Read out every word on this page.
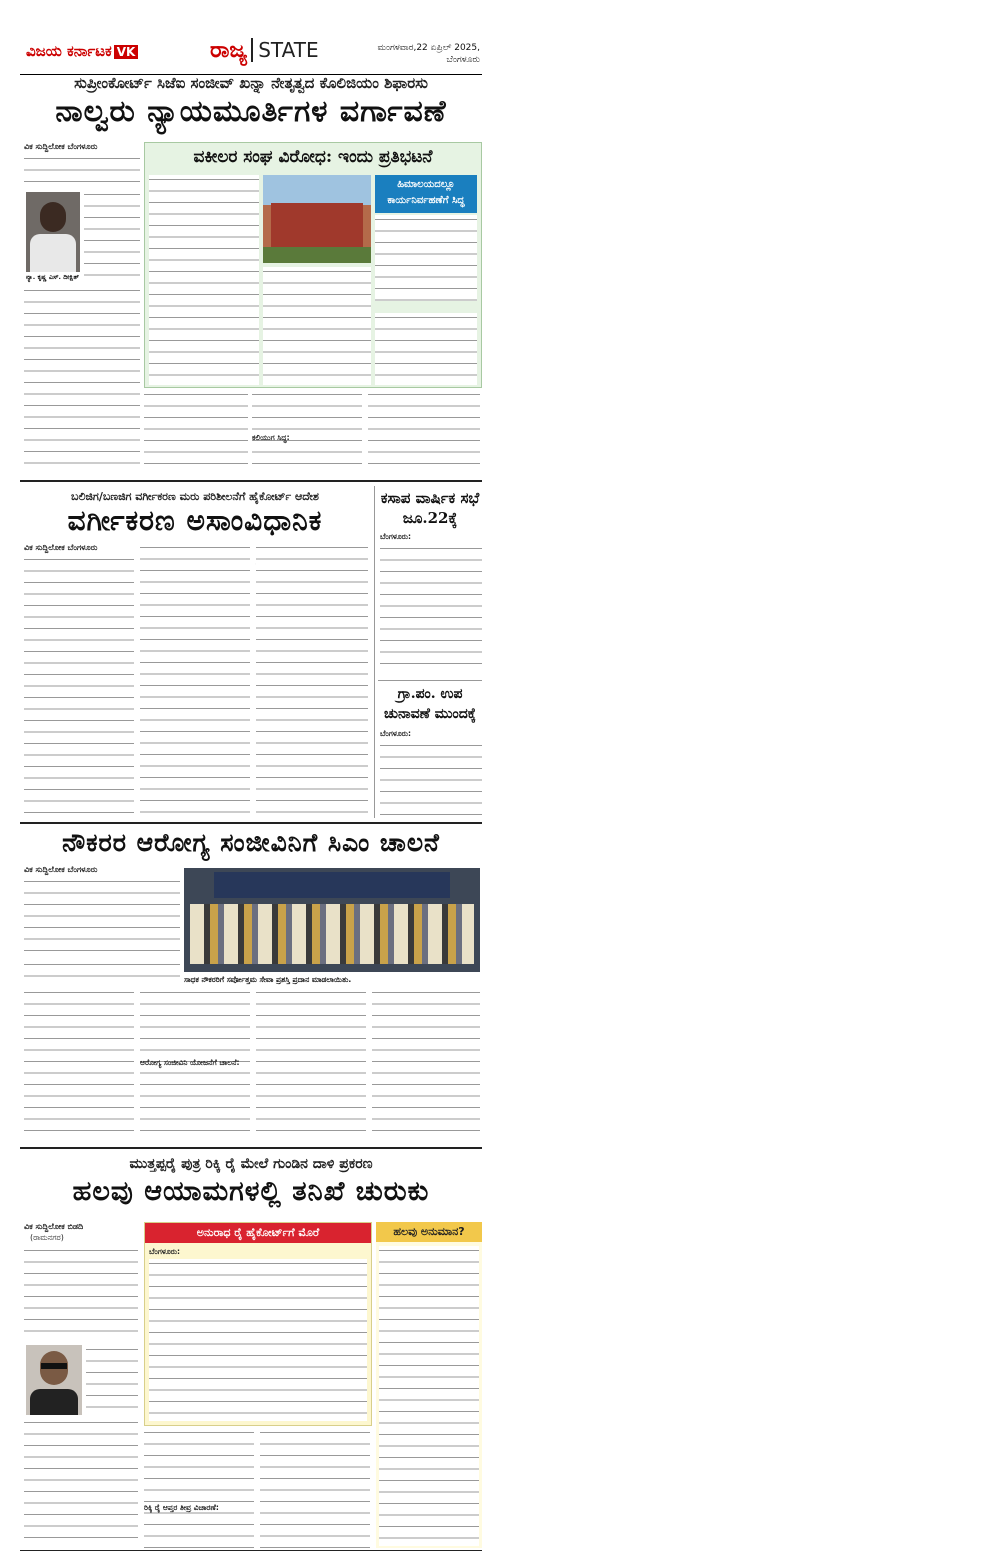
ವಿಜಯ ಕರ್ನಾಟಕ VK	ರಾಜ್ಯ STATE	ಮಂಗಳವಾರ,22 ಏಪ್ರಿಲ್ 2025,
ಬೆಂಗಳೂರು
ಸುಪ್ರೀಂಕೋರ್ಟ್ ಸಿಜೆಐ ಸಂಜೀವ್ ಖನ್ನಾ ನೇತೃತ್ವದ ಕೊಲಿಜಿಯಂ ಶಿಫಾರಸು
ನಾಲ್ವರು ನ್ಯಾಯಮೂರ್ತಿಗಳ ವರ್ಗಾವಣೆ
ವಿಕ ಸುದ್ದಿಲೋಕ ಬೆಂಗಳೂರು
ನ್ಯಾ. ಕೃಷ್ಣ ಎಸ್. ದೀಕ್ಷಿತ್
ವಕೀಲರ ಸಂಘ ವಿರೋಧ: ಇಂದು ಪ್ರತಿಭಟನೆ
ಹಿಮಾಲಯದಲ್ಲೂ ಕಾರ್ಯನಿರ್ವಹಣೆಗೆ ಸಿದ್ಧ
ಕಲಿಯುಗ ಸಿದ್ಧ:
ಬಲಿಜಿಗ/ಬಣಜಿಗ ವರ್ಗೀಕರಣ ಮರು ಪರಿಶೀಲನೆಗೆ ಹೈಕೋರ್ಟ್ ಆದೇಶ
ವರ್ಗೀಕರಣ ಅಸಾಂವಿಧಾನಿಕ
ವಿಕ ಸುದ್ದಿಲೋಕ ಬೆಂಗಳೂರು
ಕಸಾಪ ವಾರ್ಷಿಕ ಸಭೆ ಜೂ.22ಕ್ಕೆ
ಬೆಂಗಳೂರು:
ಗ್ರಾ.ಪಂ. ಉಪ ಚುನಾವಣೆ ಮುಂದಕ್ಕೆ
ಬೆಂಗಳೂರು:
ನೌಕರರ ಆರೋಗ್ಯ ಸಂಜೀವಿನಿಗೆ ಸಿಎಂ ಚಾಲನೆ
ವಿಕ ಸುದ್ದಿಲೋಕ ಬೆಂಗಳೂರು
ಸಾಧಕ ನೌಕರರಿಗೆ ಸರ್ವೋತ್ತಮ ಸೇವಾ ಪ್ರಶಸ್ತಿ ಪ್ರದಾನ ಮಾಡಲಾಯಿತು.
ಆರೋಗ್ಯ ಸಂಜೀವಿನಿ ಯೋಜನೆಗೆ ಚಾಲನೆ:
ಮುತ್ತಪ್ಪರೈ ಪುತ್ರ ರಿಕ್ಕಿ ರೈ ಮೇಲೆ ಗುಂಡಿನ ದಾಳಿ ಪ್ರಕರಣ
ಹಲವು ಆಯಾಮಗಳಲ್ಲಿ ತನಿಖೆ ಚುರುಕು
ವಿಕ ಸುದ್ದಿಲೋಕ ಬಿಡದಿ
(ರಾಮನಗರ)	ಅನುರಾಧ ರೈ ಹೈಕೋರ್ಟ್‌ಗೆ ಮೊರೆ
ಬೆಂಗಳೂರು:
ರಿಕ್ಕಿ ರೈ ಆಪ್ತರ ತೀವ್ರ ವಿಚಾರಣೆ:
ಹಲವು ಅನುಮಾನ?
